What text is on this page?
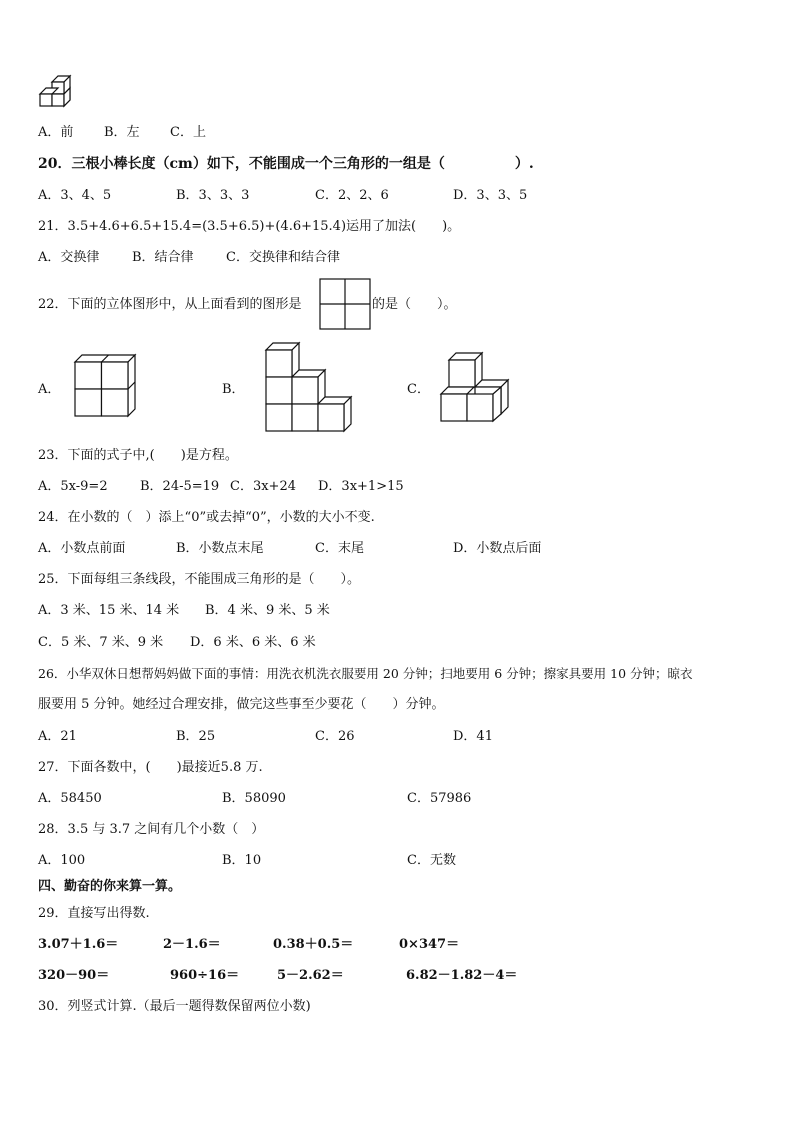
A．前 B．左 C．上
20．三根小棒长度（cm）如下，不能围成一个三角形的一组是（　　　　　）.
A．3、4、5	B．3、3、3	C．2、2、6	D．3、3、5
21．3.5+4.6+6.5+15.4=(3.5+6.5)+(4.6+15.4)运用了加法(　　)。
A．交换律	B．结合律 C．交换律和结合律
22．下面的立体图形中，从上面看到的图形是	的是（　　）。
A．	B．	C．
23．下面的式子中,(　　)是方程。
A．5x-9=2 B．24-5=19 C．3x+24 D．3x+1>15
24．在小数的（　）添上“0”或去掉“0”，小数的大小不变.
A．小数点前面	B．小数点末尾	C．末尾	D．小数点后面
25．下面每组三条线段，不能围成三角形的是（　　）。
A．3 米、15 米、14 米 B．4 米、9 米、5 米
C．5 米、7 米、9 米 D．6 米、6 米、6 米
26．小华双休日想帮妈妈做下面的事情：用洗衣机洗衣服要用 20 分钟；扫地要用 6 分钟；擦家具要用 10 分钟；晾衣
服要用 5 分钟。她经过合理安排，做完这些事至少要花（　　）分钟。
A．21	B．25	C．26	D．41
27．下面各数中，(　　)最接近5.8 万.
A．58450	B．58090	C．57986
28．3.5 与 3.7 之间有几个小数（　）
A．100	B．10	C．无数
四、勤奋的你来算一算。
29．直接写出得数.
3.07＋1.6＝	2－1.6＝	0.38＋0.5＝	0×347＝
320－90＝	960÷16＝	5－2.62＝	6.82－1.82－4＝
30．列竖式计算.（最后一题得数保留两位小数)
